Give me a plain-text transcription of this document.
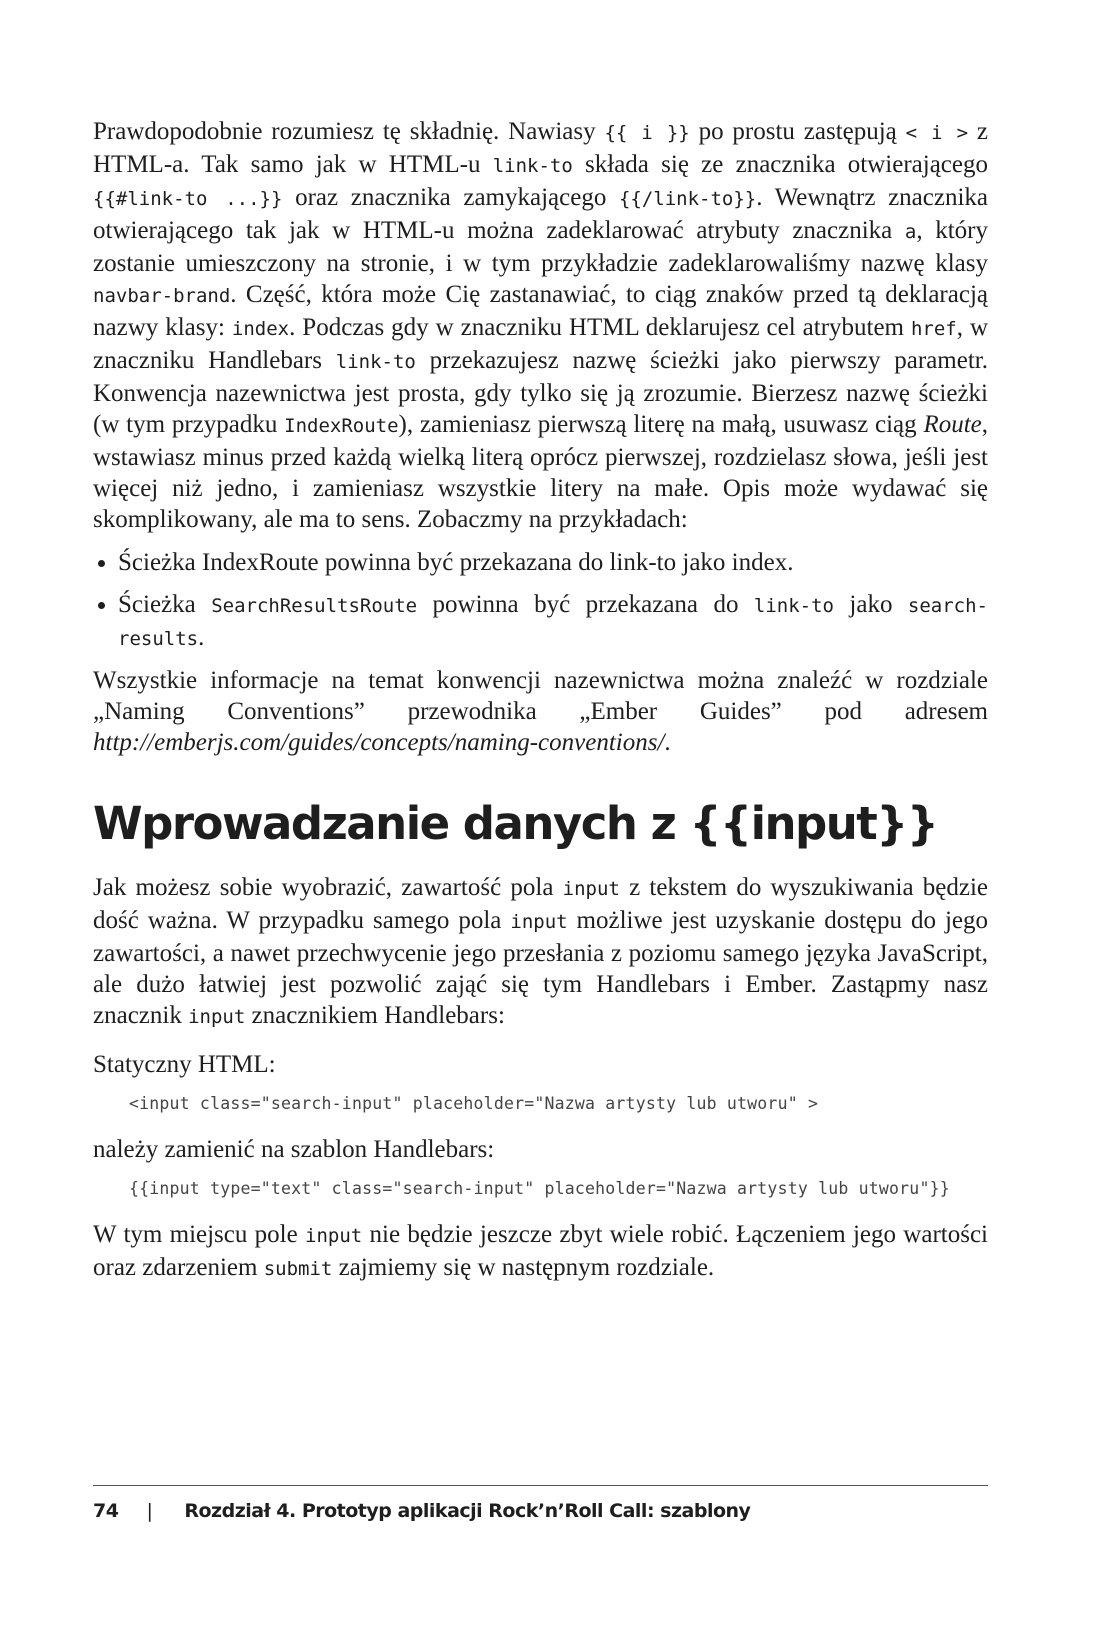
Prawdopodobnie rozumiesz tę składnię. Nawiasy {{ i }} po prostu zastępują < i > z HTML-a. Tak samo jak w HTML-u link-to składa się ze znacznika otwierającego {{#link-to ...}} oraz znacznika zamykającego {{/link-to}}. Wewnątrz znacznika otwierającego tak jak w HTML-u można zadeklarować atrybuty znacznika a, który zostanie umieszczony na stronie, i w tym przykładzie zadeklarowaliśmy nazwę klasy navbar-brand. Część, która może Cię zastanawiać, to ciąg znaków przed tą deklaracją nazwy klasy: index. Podczas gdy w znaczniku HTML deklarujesz cel atrybutem href, w znaczniku Handlebars link-to przekazujesz nazwę ścieżki jako pierwszy parametr. Konwencja nazewnictwa jest prosta, gdy tylko się ją zrozumie. Bierzesz nazwę ścieżki (w tym przypadku IndexRoute), zamieniasz pierwszą literę na małą, usuwasz ciąg Route, wstawiasz minus przed każdą wielką literą oprócz pierwszej, rozdzielasz słowa, jeśli jest więcej niż jedno, i zamieniasz wszystkie litery na małe. Opis może wydawać się skomplikowany, ale ma to sens. Zobaczmy na przykładach:

Ścieżka IndexRoute powinna być przekazana do link-to jako index.
Ścieżka SearchResultsRoute powinna być przekazana do link-to jako search-results.

Wszystkie informacje na temat konwencji nazewnictwa można znaleźć w rozdziale „Naming Conventions” przewodnika „Ember Guides” pod adresem http://emberjs.com/guides/concepts/naming-conventions/.

Wprowadzanie danych z {{input}}

Jak możesz sobie wyobrazić, zawartość pola input z tekstem do wyszukiwania będzie dość ważna. W przypadku samego pola input możliwe jest uzyskanie dostępu do jego zawartości, a nawet przechwycenie jego przesłania z poziomu samego języka JavaScript, ale dużo łatwiej jest pozwolić zająć się tym Handlebars i Ember. Zastąpmy nasz znacznik input znacznikiem Handlebars:

Statyczny HTML:

<input class="search-input" placeholder="Nazwa artysty lub utworu" >

należy zamienić na szablon Handlebars:

{{input type="text" class="search-input" placeholder="Nazwa artysty lub utworu"}}

W tym miejscu pole input nie będzie jeszcze zbyt wiele robić. Łączeniem jego wartości oraz zdarzeniem submit zajmiemy się w następnym rozdziale.

74 | Rozdział 4. Prototyp aplikacji Rock’n’Roll Call: szablony
